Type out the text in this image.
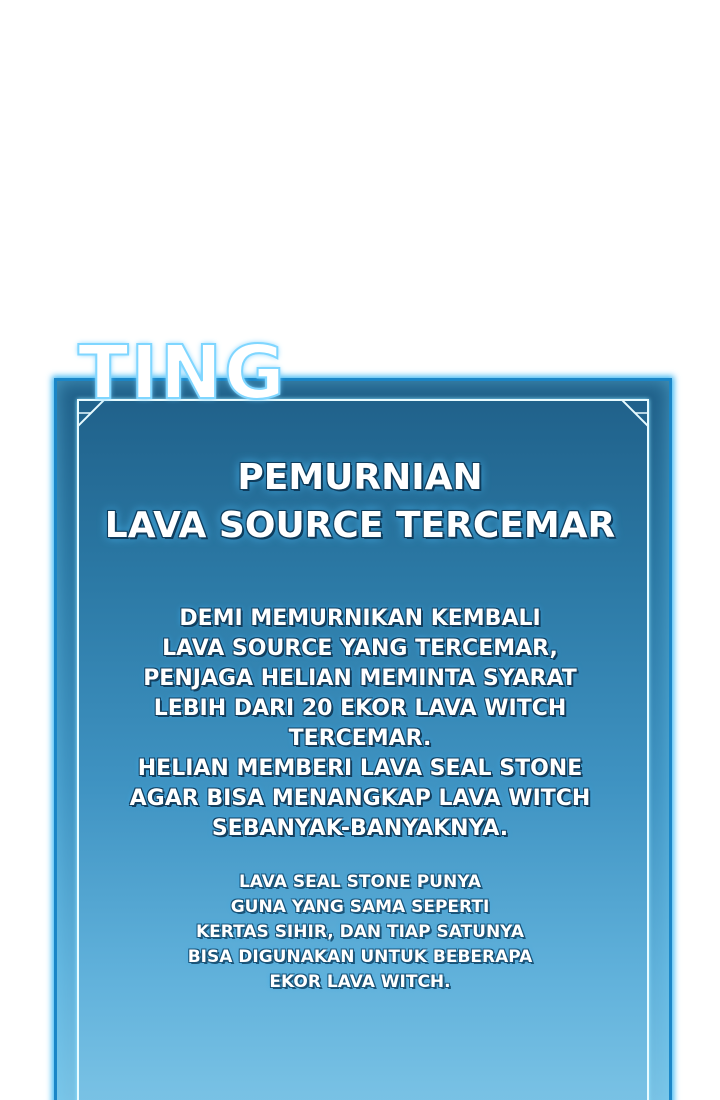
TING
PEMURNIAN
LAVA SOURCE TERCEMAR
DEMI MEMURNIKAN KEMBALI
LAVA SOURCE YANG TERCEMAR,
PENJAGA HELIAN MEMINTA SYARAT
LEBIH DARI 20 EKOR LAVA WITCH
TERCEMAR.
HELIAN MEMBERI LAVA SEAL STONE
AGAR BISA MENANGKAP LAVA WITCH
SEBANYAK-BANYAKNYA.
LAVA SEAL STONE PUNYA
GUNA YANG SAMA SEPERTI
KERTAS SIHIR, DAN TIAP SATUNYA
BISA DIGUNAKAN UNTUK BEBERAPA
EKOR LAVA WITCH.
